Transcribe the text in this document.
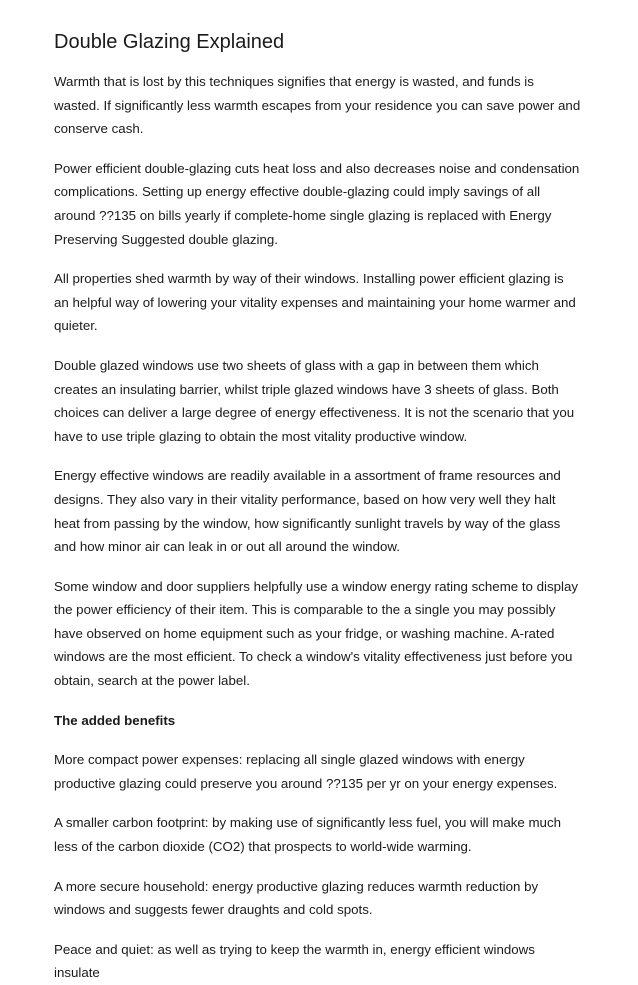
Double Glazing Explained

Warmth that is lost by this techniques signifies that energy is wasted, and funds is wasted. If significantly less warmth escapes from your residence you can save power and conserve cash.

Power efficient double-glazing cuts heat loss and also decreases noise and condensation complications. Setting up energy effective double-glazing could imply savings of all around ??135 on bills yearly if complete-home single glazing is replaced with Energy Preserving Suggested double glazing.

All properties shed warmth by way of their windows. Installing power efficient glazing is an helpful way of lowering your vitality expenses and maintaining your home warmer and quieter.

Double glazed windows use two sheets of glass with a gap in between them which creates an insulating barrier, whilst triple glazed windows have 3 sheets of glass. Both choices can deliver a large degree of energy effectiveness. It is not the scenario that you have to use triple glazing to obtain the most vitality productive window.

Energy effective windows are readily available in a assortment of frame resources and designs. They also vary in their vitality performance, based on how very well they halt heat from passing by the window, how significantly sunlight travels by way of the glass and how minor air can leak in or out all around the window.

Some window and door suppliers helpfully use a window energy rating scheme to display the power efficiency of their item. This is comparable to the a single you may possibly have observed on home equipment such as your fridge, or washing machine. A-rated windows are the most efficient. To check a window's vitality effectiveness just before you obtain, search at the power label.

The added benefits

More compact power expenses: replacing all single glazed windows with energy productive glazing could preserve you around ??135 per yr on your energy expenses.

A smaller carbon footprint: by making use of significantly less fuel, you will make much less of the carbon dioxide (CO2) that prospects to world-wide warming.

A more secure household: energy productive glazing reduces warmth reduction by windows and suggests fewer draughts and cold spots.

Peace and quiet: as well as trying to keep the warmth in, energy efficient windows insulate
